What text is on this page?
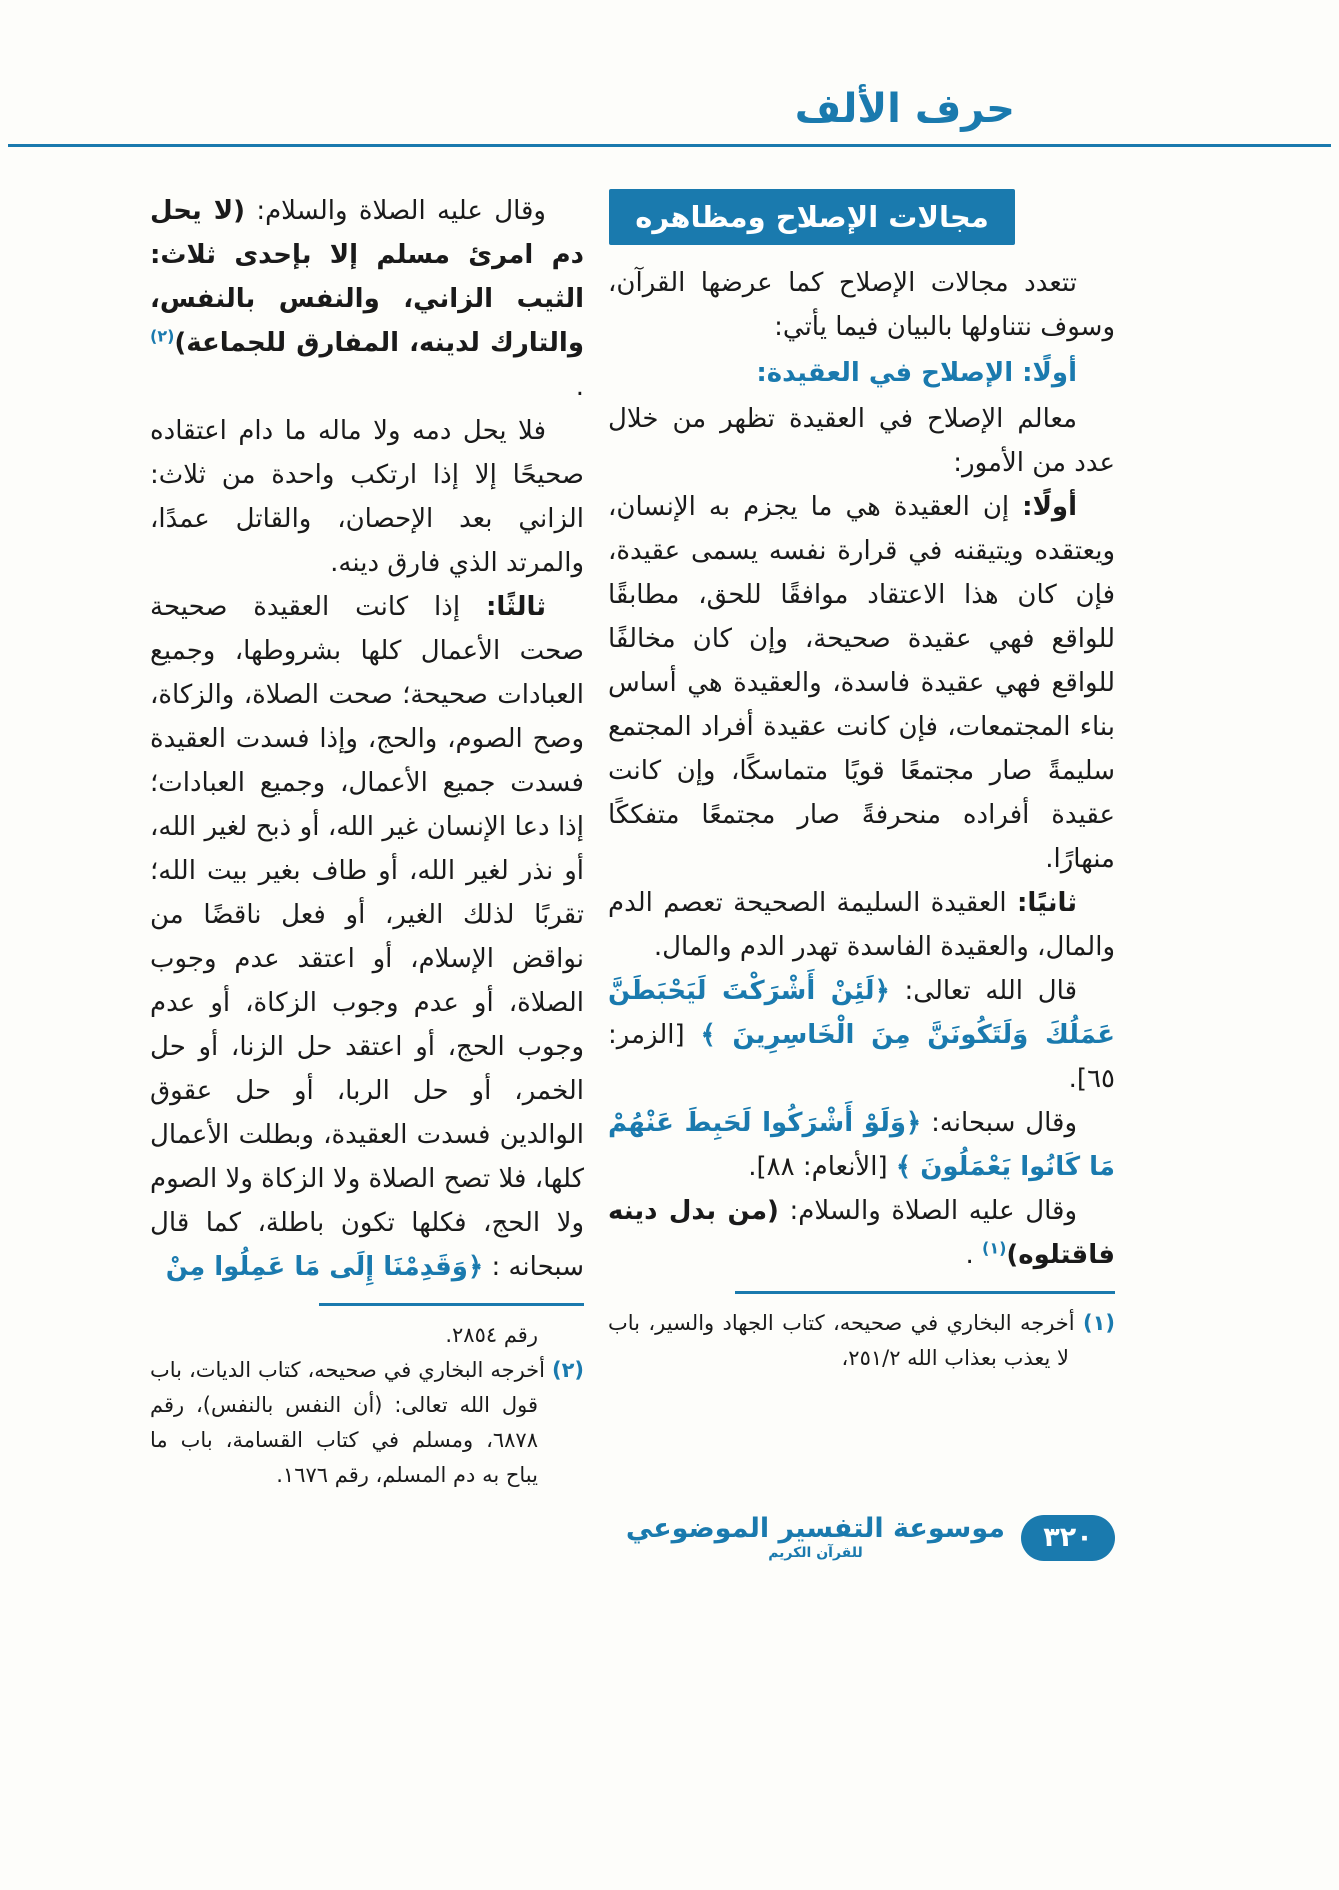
حرف الألف
مجالات الإصلاح ومظاهره

تتعدد مجالات الإصلاح كما عرضها القرآن، وسوف نتناولها بالبيان فيما يأتي:

أولًا: الإصلاح في العقيدة:

معالم الإصلاح في العقيدة تظهر من خلال عدد من الأمور:

أولًا: إن العقيدة هي ما يجزم به الإنسان، ويعتقده ويتيقنه في قرارة نفسه يسمى عقيدة، فإن كان هذا الاعتقاد موافقًا للحق، مطابقًا للواقع فهي عقيدة صحيحة، وإن كان مخالفًا للواقع فهي عقيدة فاسدة، والعقيدة هي أساس بناء المجتمعات، فإن كانت عقيدة أفراد المجتمع سليمةً صار مجتمعًا قويًا متماسكًا، وإن كانت عقيدة أفراده منحرفةً صار مجتمعًا متفككًا منهارًا.

ثانيًا: العقيدة السليمة الصحيحة تعصم الدم والمال، والعقيدة الفاسدة تهدر الدم والمال.

قال الله تعالى: ﴿لَئِنْ أَشْرَكْتَ لَيَحْبَطَنَّ عَمَلُكَ وَلَتَكُونَنَّ مِنَ الْخَاسِرِينَ ﴾ [الزمر: ٦٥].

وقال سبحانه: ﴿وَلَوْ أَشْرَكُوا لَحَبِطَ عَنْهُمْ مَا كَانُوا يَعْمَلُونَ ﴾ [الأنعام: ٨٨].

وقال عليه الصلاة والسلام: (من بدل دينه فاقتلوه)$^{(١)}$ .

(١) أخرجه البخاري في صحيحه، كتاب الجهاد والسير، باب لا يعذب بعذاب الله ٢٥١/٢،

وقال عليه الصلاة والسلام: (لا يحل دم امرئ مسلم إلا بإحدى ثلاث: الثيب الزاني، والنفس بالنفس، والتارك لدينه، المفارق للجماعة)$^{(٢)}$ .

فلا يحل دمه ولا ماله ما دام اعتقاده صحيحًا إلا إذا ارتكب واحدة من ثلاث: الزاني بعد الإحصان، والقاتل عمدًا، والمرتد الذي فارق دينه.

ثالثًا: إذا كانت العقيدة صحيحة صحت الأعمال كلها بشروطها، وجميع العبادات صحيحة؛ صحت الصلاة، والزكاة، وصح الصوم، والحج، وإذا فسدت العقيدة فسدت جميع الأعمال، وجميع العبادات؛ إذا دعا الإنسان غير الله، أو ذبح لغير الله، أو نذر لغير الله، أو طاف بغير بيت الله؛ تقربًا لذلك الغير، أو فعل ناقضًا من نواقض الإسلام، أو اعتقد عدم وجوب الصلاة، أو عدم وجوب الزكاة، أو عدم وجوب الحج، أو اعتقد حل الزنا، أو حل الخمر، أو حل الربا، أو حل عقوق الوالدين فسدت العقيدة، وبطلت الأعمال كلها، فلا تصح الصلاة ولا الزكاة ولا الصوم ولا الحج، فكلها تكون باطلة، كما قال سبحانه : ﴿وَقَدِمْنَا إِلَى مَا عَمِلُوا مِنْ

رقم ٢٨٥٤.

(٢) أخرجه البخاري في صحيحه، كتاب الديات، باب قول الله تعالى: (أن النفس بالنفس)، رقم ٦٨٧٨، ومسلم في كتاب القسامة، باب ما يباح به دم المسلم، رقم ١٦٧٦.

٣٢٠
موسوعة التفسير الموضوعي
للقرآن الكريم
